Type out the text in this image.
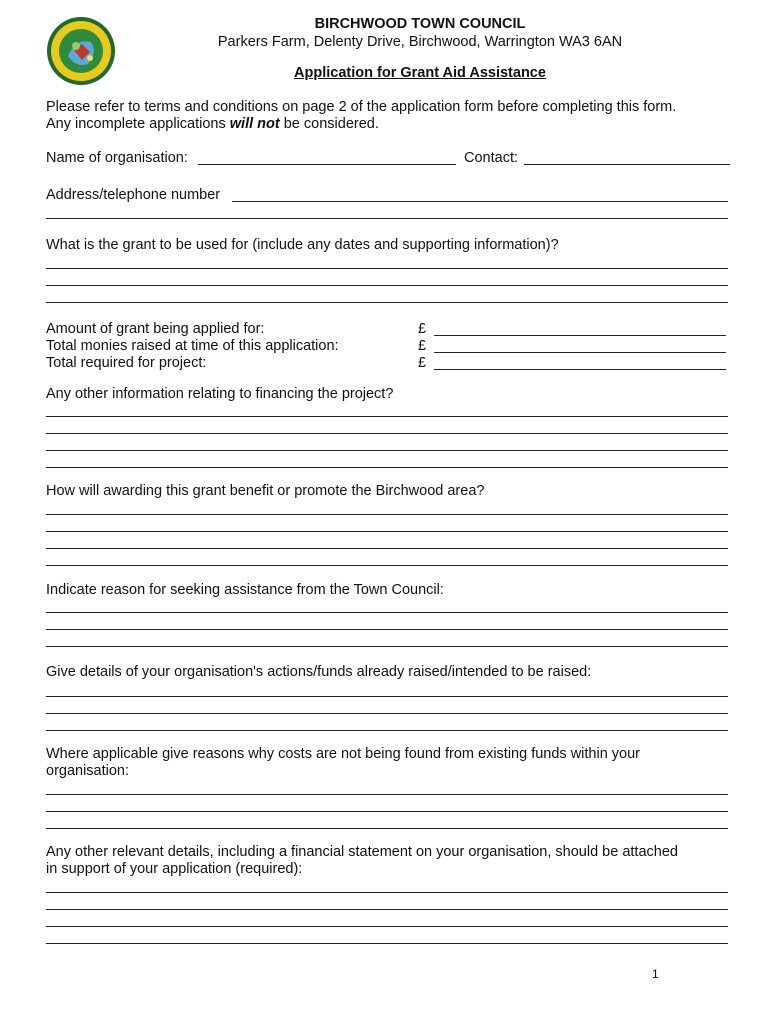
BIRCHWOOD TOWN COUNCIL
Parkers Farm, Delenty Drive, Birchwood, Warrington WA3 6AN
Application for Grant Aid Assistance
Please refer to terms and conditions on page 2 of the application form before completing this form.
Any incomplete applications will not be considered.
Name of organisation:	Contact:
Address/telephone number
What is the grant to be used for (include any dates and supporting information)?
Amount of grant being applied for:
Total monies raised at time of this application:
Total required for project:
£
£
£
Any other information relating to financing the project?
How will awarding this grant benefit or promote the Birchwood area?
Indicate reason for seeking assistance from the Town Council:
Give details of your organisation's actions/funds already raised/intended to be raised:
Where applicable give reasons why costs are not being found from existing funds within your
organisation:
Any other relevant details, including a financial statement on your organisation, should be attached
in support of your application (required):
1
